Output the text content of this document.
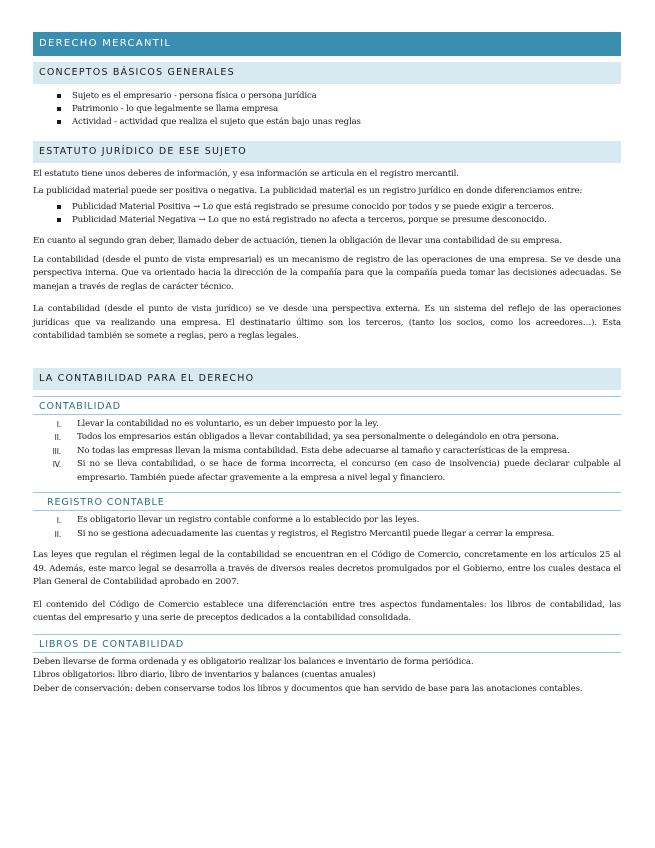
DERECHO MERCANTIL
CONCEPTOS BÁSICOS GENERALES
Sujeto es el empresario - persona física o persona jurídica
Patrimonio - lo que legalmente se llama empresa
Actividad - actividad que realiza el sujeto que están bajo unas reglas
ESTATUTO JURÍDICO DE ESE SUJETO

El estatuto tiene unos deberes de información, y esa información se articula en el registro mercantil.

La publicidad material puede ser positiva o negativa. La publicidad material es un registro jurídico en donde diferenciamos entre:

Publicidad Material Positiva → Lo que está registrado se presume conocido por todos y se puede exigir a terceros.
Publicidad Material Negativa → Lo que no está registrado no afecta a terceros, porque se presume desconocido.

En cuanto al segundo gran deber, llamado deber de actuación, tienen la obligación de llevar una contabilidad de su empresa.

La contabilidad (desde el punto de vista empresarial) es un mecanismo de registro de las operaciones de una empresa. Se ve desde una perspectiva interna. Que va orientado hacia la dirección de la compañía para que la compañía pueda tomar las decisiones adecuadas. Se manejan a través de reglas de carácter técnico.

La contabilidad (desde el punto de vista jurídico) se ve desde una perspectiva externa. Es un sistema del reflejo de las operaciones jurídicas que va realizando una empresa. El destinatario último son los terceros, (tanto los socios, como los acreedores…). Esta contabilidad también se somete a reglas, pero a reglas legales.

LA CONTABILIDAD PARA EL DERECHO
CONTABILIDAD
I. Llevar la contabilidad no es voluntario, es un deber impuesto por la ley.
II. Todos los empresarios están obligados a llevar contabilidad, ya sea personalmente o delegándolo en otra persona.
III. No todas las empresas llevan la misma contabilidad. Esta debe adecuarse al tamaño y características de la empresa.
IV. Si no se lleva contabilidad, o se hace de forma incorrecta, el concurso (en caso de insolvencia) puede declarar culpable al empresario. También puede afectar gravemente a la empresa a nivel legal y financiero.
REGISTRO CONTABLE
I. Es obligatorio llevar un registro contable conforme a lo establecido por las leyes.
II. Si no se gestiona adecuadamente las cuentas y registros, el Registro Mercantil puede llegar a cerrar la empresa.

Las leyes que regulan el régimen legal de la contabilidad se encuentran en el Código de Comercio, concretamente en los artículos 25 al 49. Además, este marco legal se desarrolla a través de diversos reales decretos promulgados por el Gobierno, entre los cuales destaca el Plan General de Contabilidad aprobado en 2007.

El contenido del Código de Comercio establece una diferenciación entre tres aspectos fundamentales: los libros de contabilidad, las cuentas del empresario y una serie de preceptos dedicados a la contabilidad consolidada.

LIBROS DE CONTABILIDAD

Deben llevarse de forma ordenada y es obligatorio realizar los balances e inventario de forma periódica.

Libros obligatorios: libro diario, libro de inventarios y balances (cuentas anuales)

Deber de conservación: deben conservarse todos los libros y documentos que han servido de base para las anotaciones contables.
